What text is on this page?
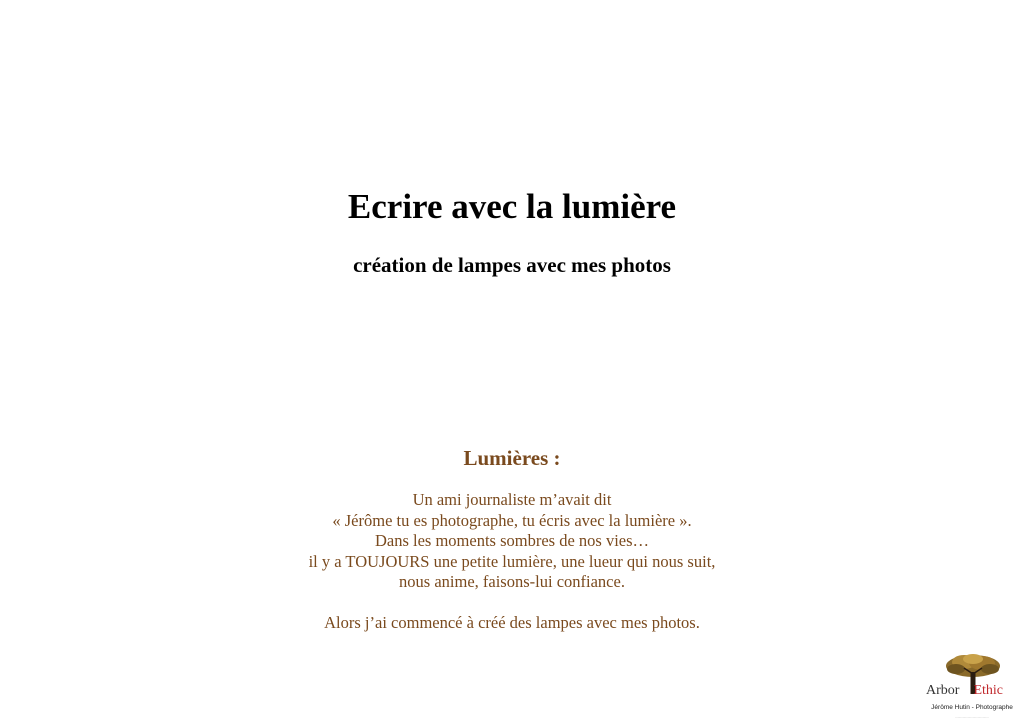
Ecrire avec la lumière
création de lampes avec mes photos
Lumières :
Un ami journaliste m’avait dit
« Jérôme tu es photographe, tu écris avec la lumière ».
Dans les moments sombres de nos vies…
il y a TOUJOURS une petite lumière, une lueur qui nous suit,
nous anime, faisons-lui confiance.

Alors j’ai commencé à créé des lampes avec mes photos.

Arbor Ethic
Jérôme Hutin - Photographe
........................................
